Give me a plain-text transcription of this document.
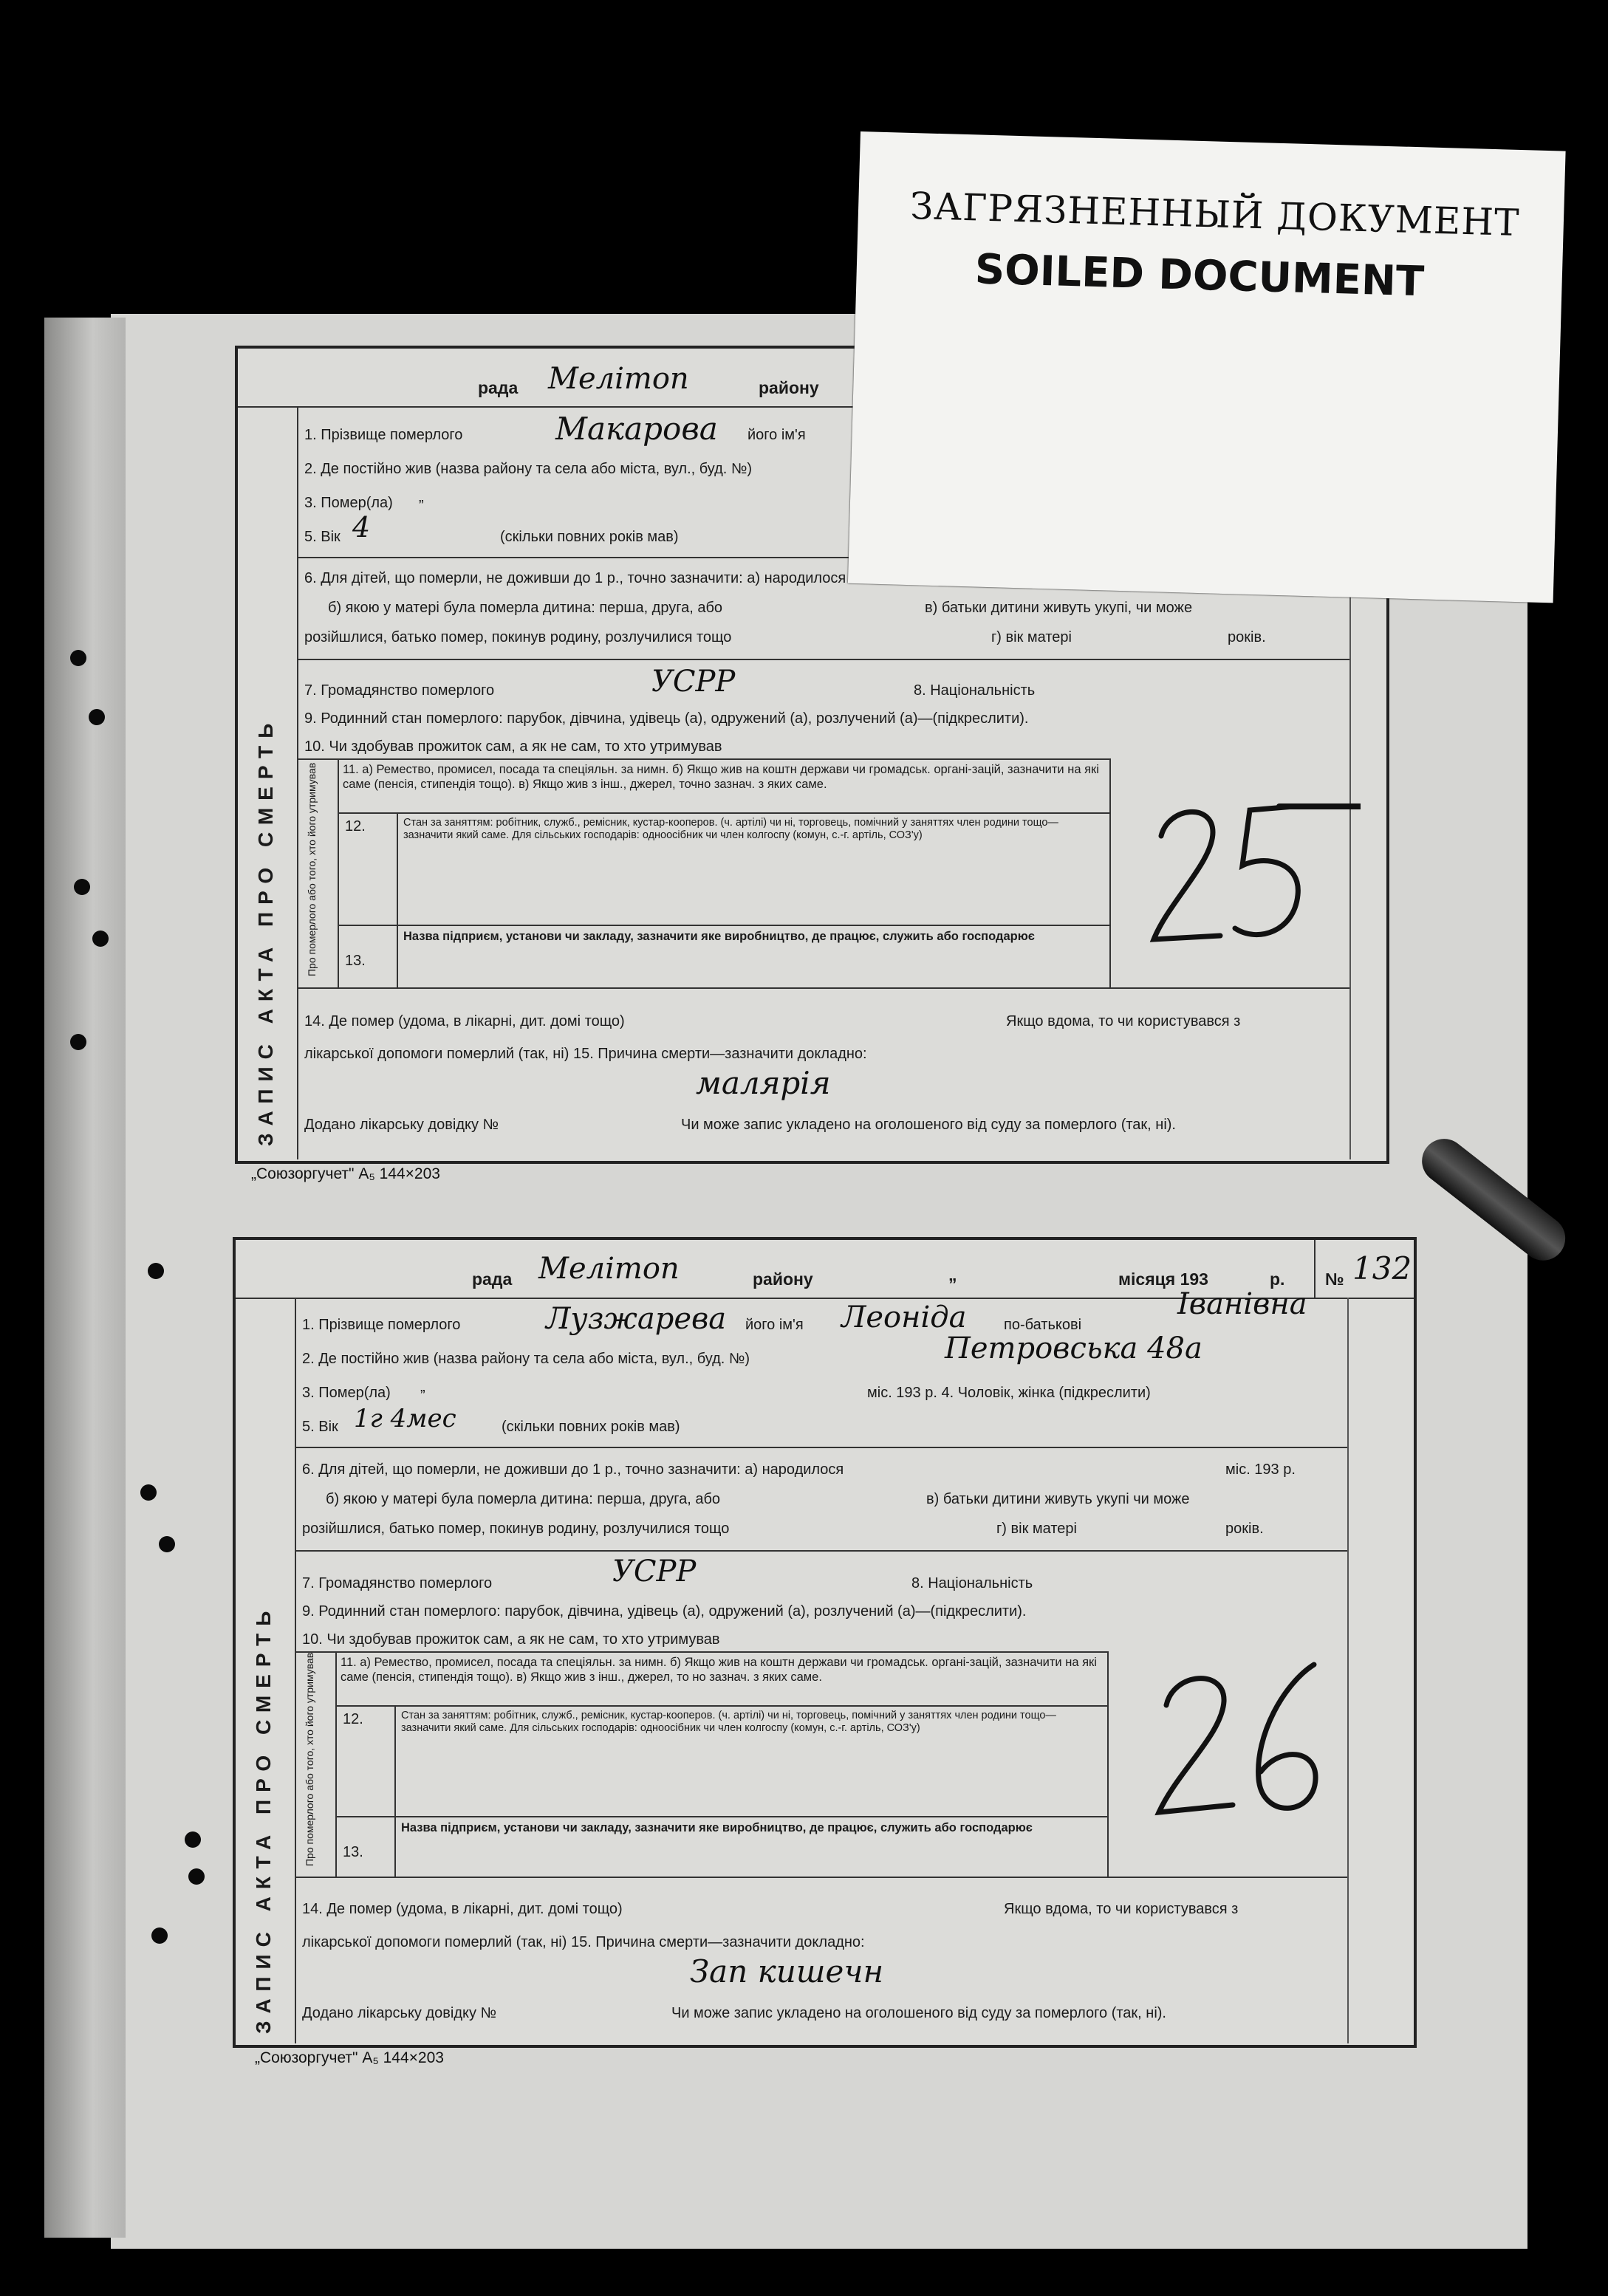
ЗАПИС АКТА ПРО СМЕРТЬ
рада	району
Мелітоп
1. Прізвище померлого	його ім'я
Макарова
2. Де постійно жив (назва району та села або міста, вул., буд. №)
3. Помер(ла) „
5. Вік 4	(скільки повних років мав)
6. Для дітей, що померли, не доживши до 1 р., точно зазначити: а) народилося
б) якою у матері була померла дитина: перша, друга, або	в) батьки дитини живуть укупі, чи може
розійшлися, батько помер, покинув родину, розлучилися тощо	г) вік матері	років.
7. Громадянство померлого	УСРР	8. Національність
9. Родинний стан померлого: парубок, дівчина, удівець (а), одружений (а), розлучений (а)—(підкреслити).
10. Чи здобував прожиток сам, а як не сам, то хто утримував
Про померлого або того, хто його утримував 11. а) Ремество, промисел, посада та спеціяльн. за нимн. б) Якщо жив на коштн держави чи громадськ. органі-зацій, зазначити на які саме (пенсія, стипендія тощо). в) Якщо жив з інш., джерел, точно зазнач. з яких саме.
12.	Стан за заняттям: робітник, служб., ремісник, кустар-кооперов. (ч. артілі) чи ні, торговець, помічний у заняттях член родини тощо—зазначити який саме. Для сільських господарів: одноосібник чи член колгоспу (комун, с.-г. артіль, СОЗ'у)
13.
Назва підприєм, установи чи закладу, зазначити яке виробництво, де працює, служить або господарює
14. Де помер (удома, в лікарні, дит. домі тощо)	Якщо вдома, то чи користувався з
лікарської допомоги померлий (так, ні) 15. Причина смерти—зазначити докладно:
малярія
Додано лікарську довідку №	Чи може запис укладено на оголошеного від суду за померлого (так, ні).
„Союзоргучет" А₅ 144×203
ЗАПИС АКТА ПРО СМЕРТЬ
рада	району	„	місяця 193	р. №
Мелітоп	132
1. Прізвище померлого	його ім'я	по-батькові
Лузжарева	Леоніда	Іванівна
2. Де постійно жив (назва району та села або міста, вул., буд. №)	Петровська 48а
3. Помер(ла) „	міс. 193 р. 4. Чоловік, жінка (підкреслити)
5. Вік 1г 4мес	(скільки повних років мав)
6. Для дітей, що померли, не доживши до 1 р., точно зазначити: а) народилося	міс. 193 р.
б) якою у матері була померла дитина: перша, друга, або	в) батьки дитини живуть укупі чи може
розійшлися, батько помер, покинув родину, розлучилися тощо	г) вік матері	років.
7. Громадянство померлого	УСРР	8. Національність
9. Родинний стан померлого: парубок, дівчина, удівець (а), одружений (а), розлучений (а)—(підкреслити).
10. Чи здобував прожиток сам, а як не сам, то хто утримував
Про померлого або того, хто його утримував 11. а) Ремество, промисел, посада та спеціяльн. за нимн. б) Якщо жив на коштн держави чи громадськ. органі-зацій, зазначити на які саме (пенсія, стипендія тощо). в) Якщо жив з інш., джерел, то но зазнач. з яких саме.
12.	Стан за заняттям: робітник, служб., ремісник, кустар-кооперов. (ч. артілі) чи ні, торговець, помічний у заняттях член родини тощо—зазначити який саме. Для сільських господарів: одноосібник чи член колгоспу (комун, с.-г. артіль, СОЗ'у)
13.
Назва підприєм, установи чи закладу, зазначити яке виробництво, де працює, служить або господарює
14. Де помер (удома, в лікарні, дит. домі тощо)	Якщо вдома, то чи користувався з
лікарської допомоги померлий (так, ні) 15. Причина смерти—зазначити докладно:
Зап кишечн
Додано лікарську довідку №	Чи може запис укладено на оголошеного від суду за померлого (так, ні).
„Союзоргучет" А₅ 144×203
ЗАГРЯЗНЕННЫЙ ДОКУМЕНТ
SOILED DOCUMENT
